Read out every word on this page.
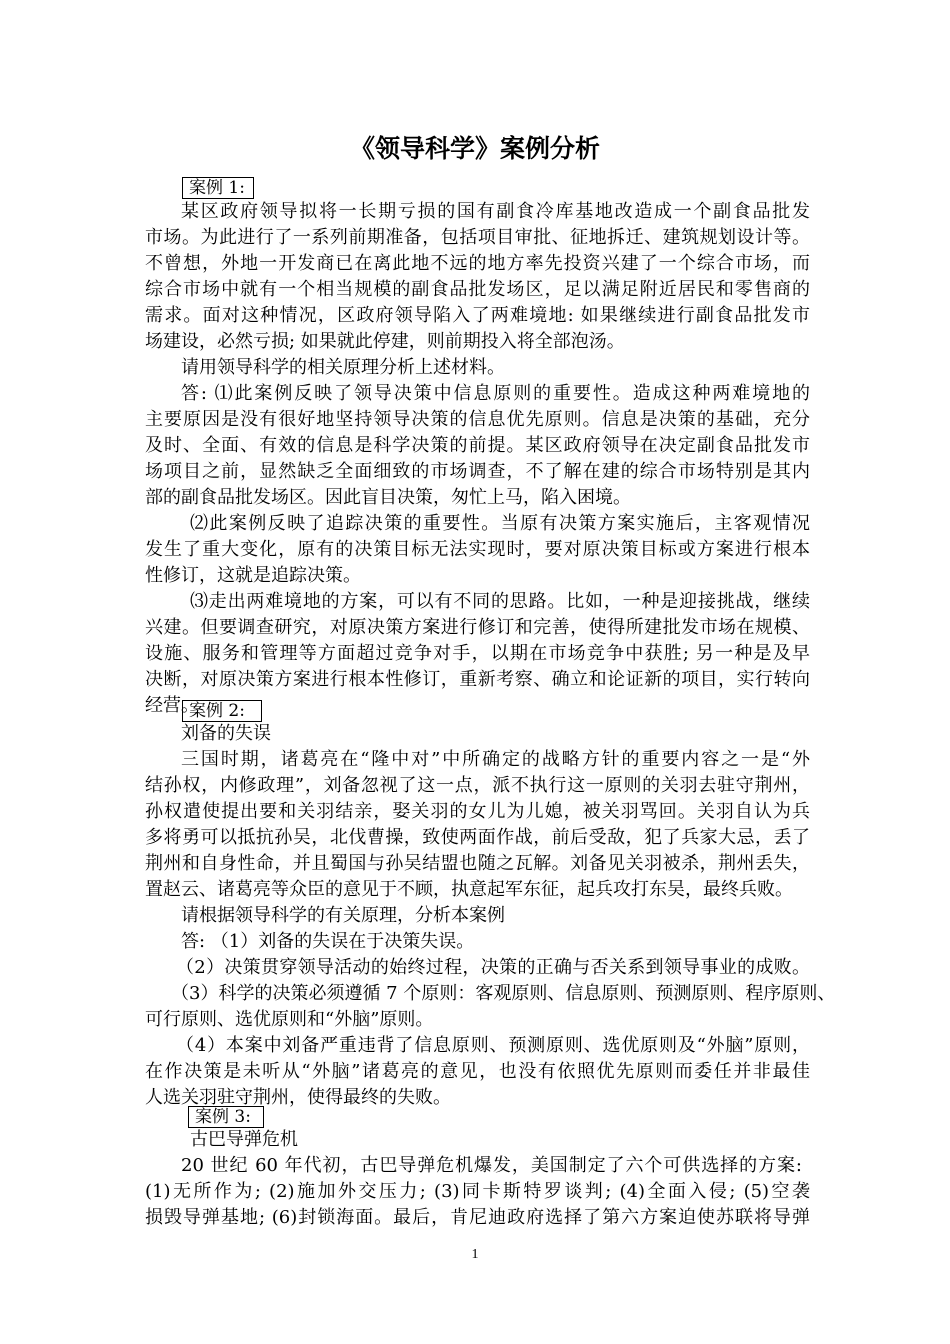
《领导科学》案例分析
案例 1:
某区政府领导拟将一长期亏损的国有副食冷库基地改造成一个副食品批发
市场。为此进行了一系列前期准备，包括项目审批、征地拆迁、建筑规划设计等。
不曾想，外地一开发商已在离此地不远的地方率先投资兴建了一个综合市场，而
综合市场中就有一个相当规模的副食品批发场区，足以满足附近居民和零售商的
需求。面对这种情况，区政府领导陷入了两难境地: 如果继续进行副食品批发市
场建设，必然亏损; 如果就此停建，则前期投入将全部泡汤。
请用领导科学的相关原理分析上述材料。
答: ⑴此案例反映了领导决策中信息原则的重要性。造成这种两难境地的
主要原因是没有很好地坚持领导决策的信息优先原则。信息是决策的基础，充分
及时、全面、有效的信息是科学决策的前提。某区政府领导在决定副食品批发市
场项目之前，显然缺乏全面细致的市场调查，不了解在建的综合市场特别是其内
部的副食品批发场区。因此盲目决策，匆忙上马，陷入困境。
⑵此案例反映了追踪决策的重要性。当原有决策方案实施后，主客观情况
发生了重大变化，原有的决策目标无法实现时，要对原决策目标或方案进行根本
性修订，这就是追踪决策。
⑶走出两难境地的方案，可以有不同的思路。比如，一种是迎接挑战，继续
兴建。但要调查研究，对原决策方案进行修订和完善，使得所建批发市场在规模、
设施、服务和管理等方面超过竞争对手，以期在市场竞争中获胜; 另一种是及早
决断，对原决策方案进行根本性修订，重新考察、确立和论证新的项目，实行转向
经营。
案例 2:
刘备的失误
三国时期，诸葛亮在“隆中对”中所确定的战略方针的重要内容之一是“外
结孙权，内修政理”，刘备忽视了这一点，派不执行这一原则的关羽去驻守荆州，
孙权遣使提出要和关羽结亲，娶关羽的女儿为儿媳，被关羽骂回。关羽自认为兵
多将勇可以抵抗孙吴，北伐曹操，致使两面作战，前后受敌，犯了兵家大忌，丢了
荆州和自身性命，并且蜀国与孙吴结盟也随之瓦解。刘备见关羽被杀，荆州丢失，
置赵云、诸葛亮等众臣的意见于不顾，执意起军东征，起兵攻打东吴，最终兵败。
请根据领导科学的有关原理，分析本案例
答: （1）刘备的失误在于决策失误。
（2）决策贯穿领导活动的始终过程，决策的正确与否关系到领导事业的成败。
（3）科学的决策必须遵循 7 个原则：客观原则、信息原则、预测原则、程序原则、
可行原则、选优原则和“外脑”原则。
（4）本案中刘备严重违背了信息原则、预测原则、选优原则及“外脑”原则，
在作决策是未听从“外脑”诸葛亮的意见，也没有依照优先原则而委任并非最佳
人选关羽驻守荆州，使得最终的失败。
案例 3:
古巴导弹危机
20 世纪 60 年代初，古巴导弹危机爆发，美国制定了六个可供选择的方案:
(1)无所作为; (2)施加外交压力; (3)同卡斯特罗谈判; (4)全面入侵; (5)空袭
损毁导弹基地; (6)封锁海面。最后，肯尼迪政府选择了第六方案迫使苏联将导弹
1
